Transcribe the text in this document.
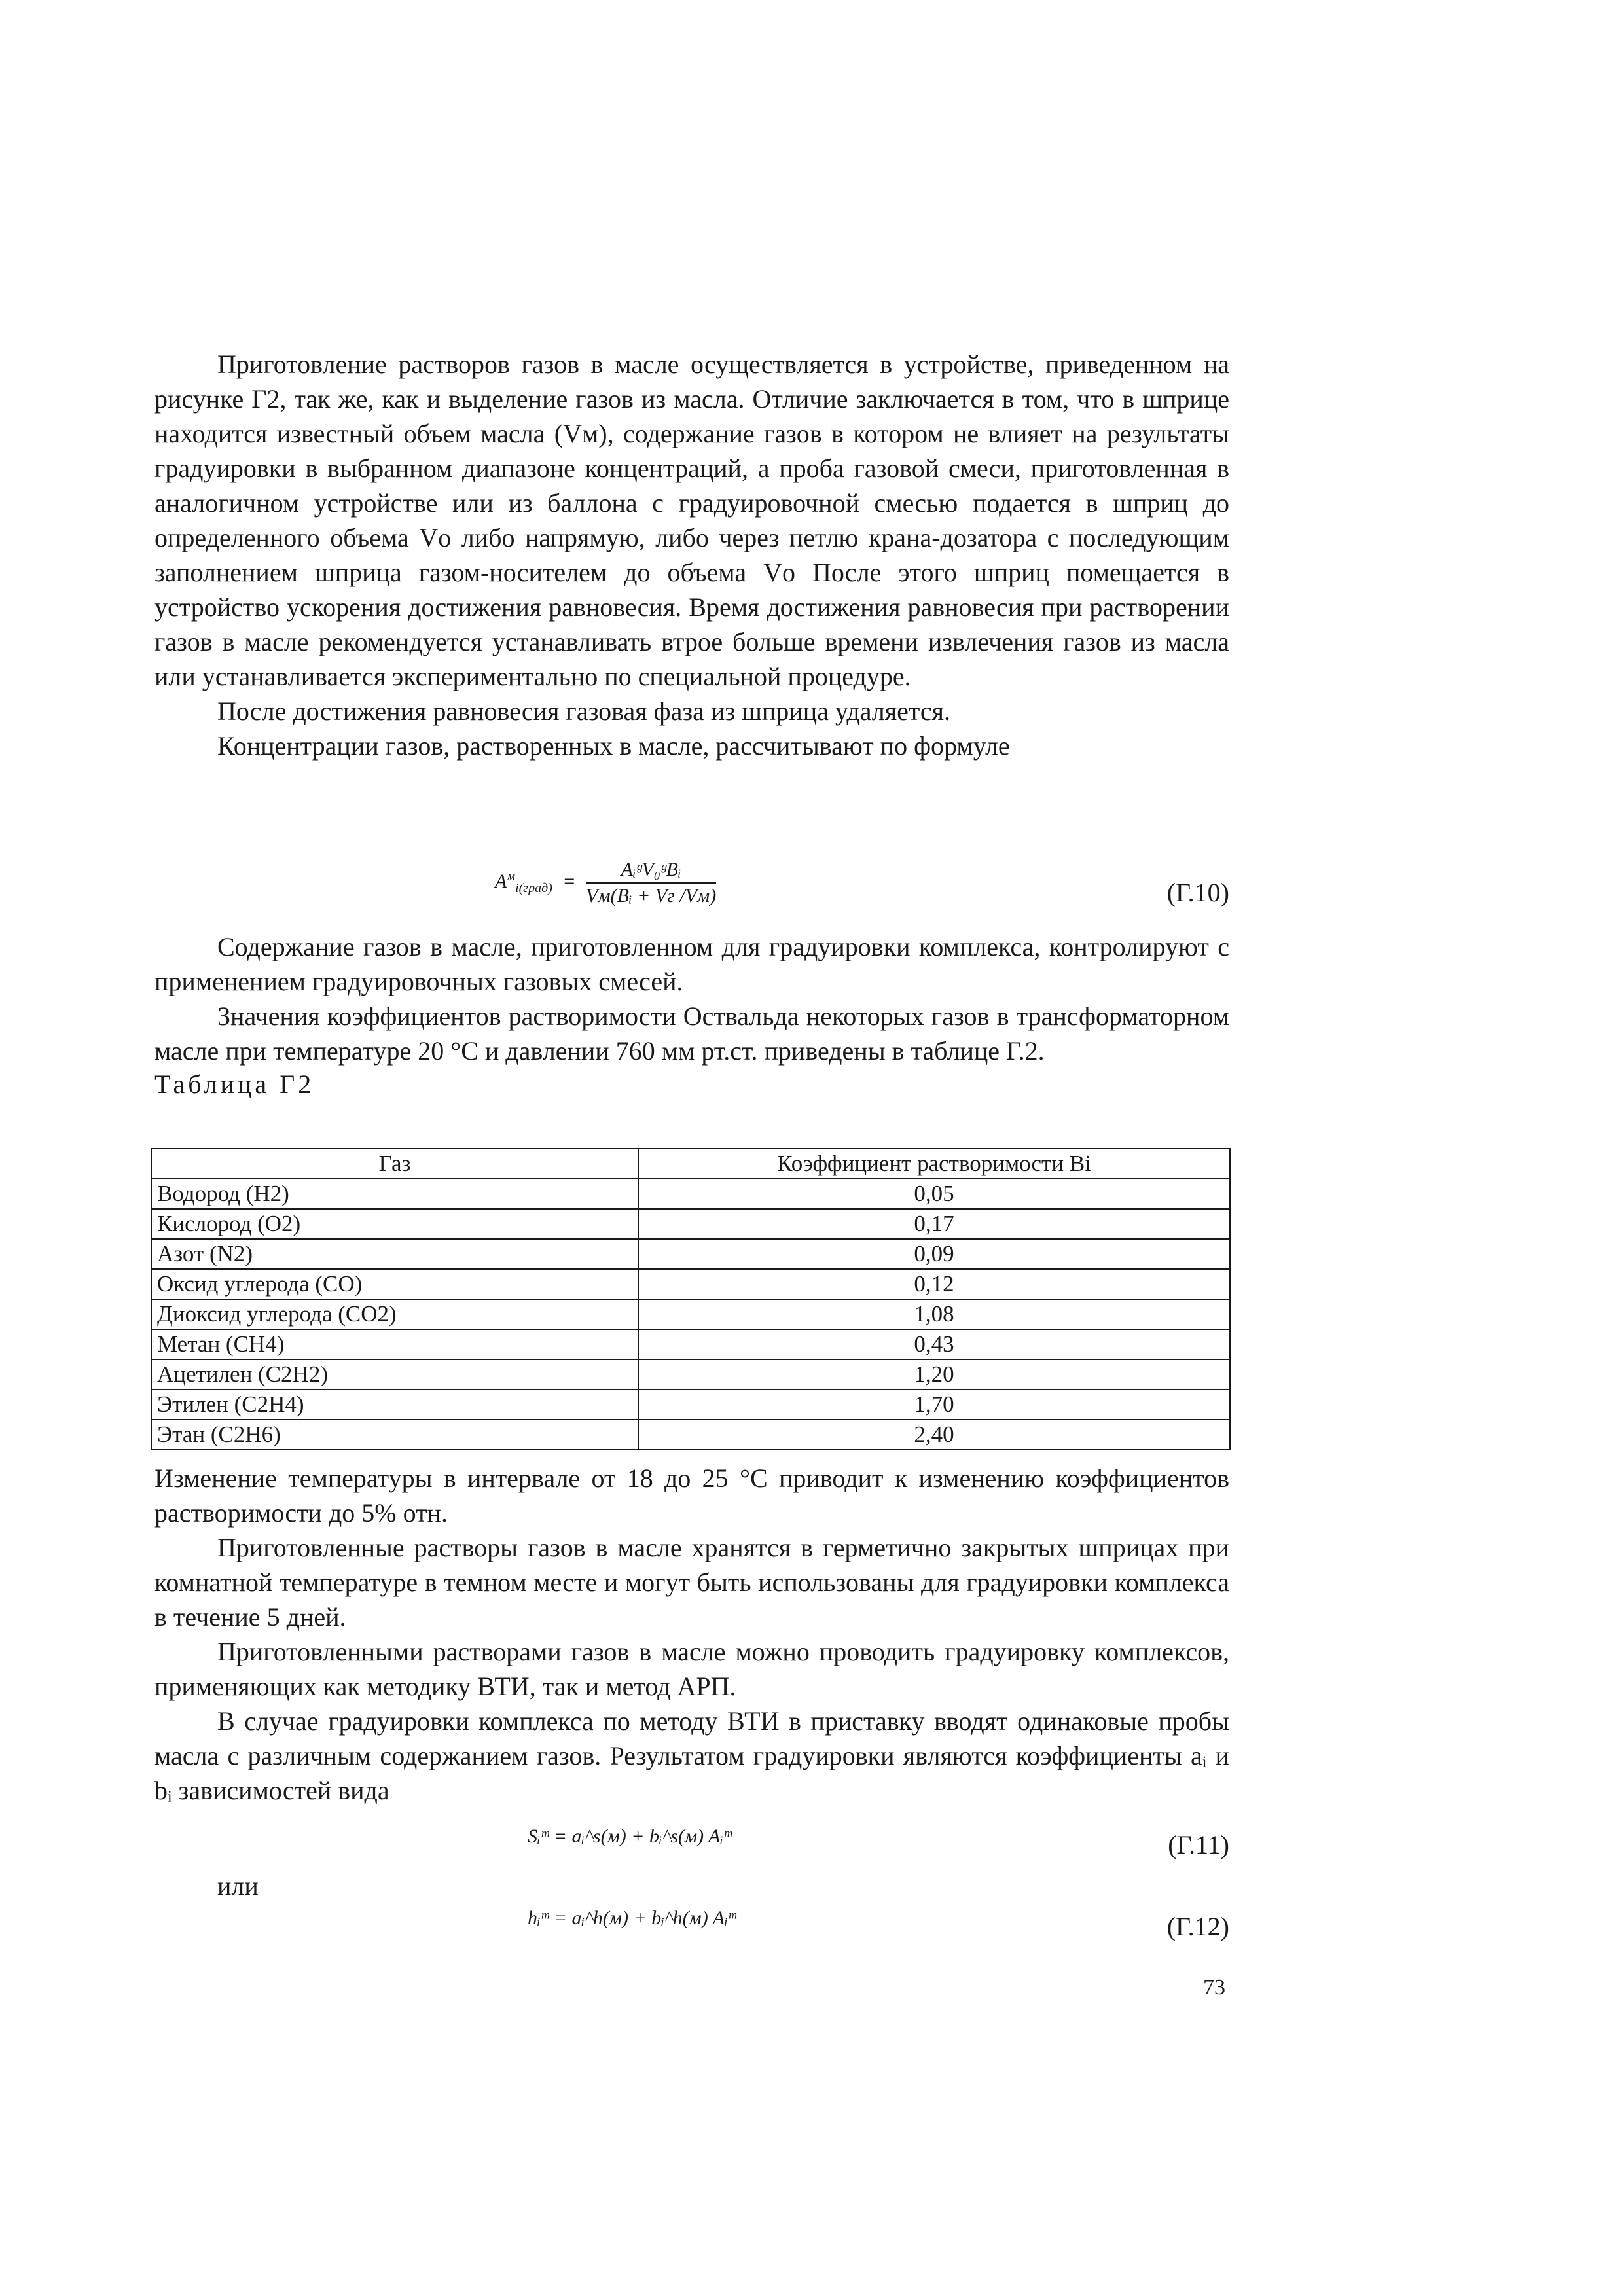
Приготовление растворов газов в масле осуществляется в устройстве, приведенном на рисунке Г2, так же, как и выделение газов из масла. Отличие заключается в том, что в шприце находится известный объем масла (Vм), содержание газов в котором не влияет на результаты градуировки в выбранном диапазоне концентраций, а проба газовой смеси, приготовленная в аналогичном устройстве или из баллона с градуировочной смесью подается в шприц до определенного объема Vо либо напрямую, либо через петлю крана-дозатора с последующим заполнением шприца газом-носителем до объема Vо После этого шприц помещается в устройство ускорения достижения равновесия. Время достижения равновесия при растворении газов в масле рекомендуется устанавливать втрое больше времени извлечения газов из масла или устанавливается экспериментально по специальной процедуре.

После достижения равновесия газовая фаза из шприца удаляется.

Концентрации газов, растворенных в масле, рассчитывают по формуле

$A^м_{i(град)} = \frac{\text{AᵢᵍV₀ᵍBᵢ}}{\text{Vм(Bᵢ + Vг /Vм)}}$	(Г.10)

Содержание газов в масле, приготовленном для градуировки комплекса, контролируют с применением градуировочных газовых смесей.

Значения коэффициентов растворимости Оствальда некоторых газов в трансформаторном масле при температуре 20 °С и давлении 760 мм рт.ст. приведены в таблице Г.2.

Таблица Г2

Газ	Коэффициент растворимости Bi
Водород (H2)	0,05
Кислород (O2)	0,17
Азот (N2)	0,09
Оксид углерода (CO)	0,12
Диоксид углерода (CO2)	1,08
Метан (CH4)	0,43
Ацетилен (C2H2)	1,20
Этилен (C2H4)	1,70
Этан (C2H6)	2,40

Изменение температуры в интервале от 18 до 25 °С приводит к изменению коэффициентов растворимости до 5% отн.

Приготовленные растворы газов в масле хранятся в герметично закрытых шприцах при комнатной температуре в темном месте и могут быть использованы для градуировки комплекса в течение 5 дней.

Приготовленными растворами газов в масле можно проводить градуировку комплексов, применяющих как методику ВТИ, так и метод АРП.

В случае градуировки комплекса по методу ВТИ в приставку вводят одинаковые пробы масла с различным содержанием газов. Результатом градуировки являются коэффициенты aᵢ и bᵢ зависимостей вида

Sᵢᵐ = aᵢ^s(м) + bᵢ^s(м) Aᵢᵐ	(Г.11)

или

hᵢᵐ = aᵢ^h(м) + bᵢ^h(м) Aᵢᵐ	(Г.12)
73
